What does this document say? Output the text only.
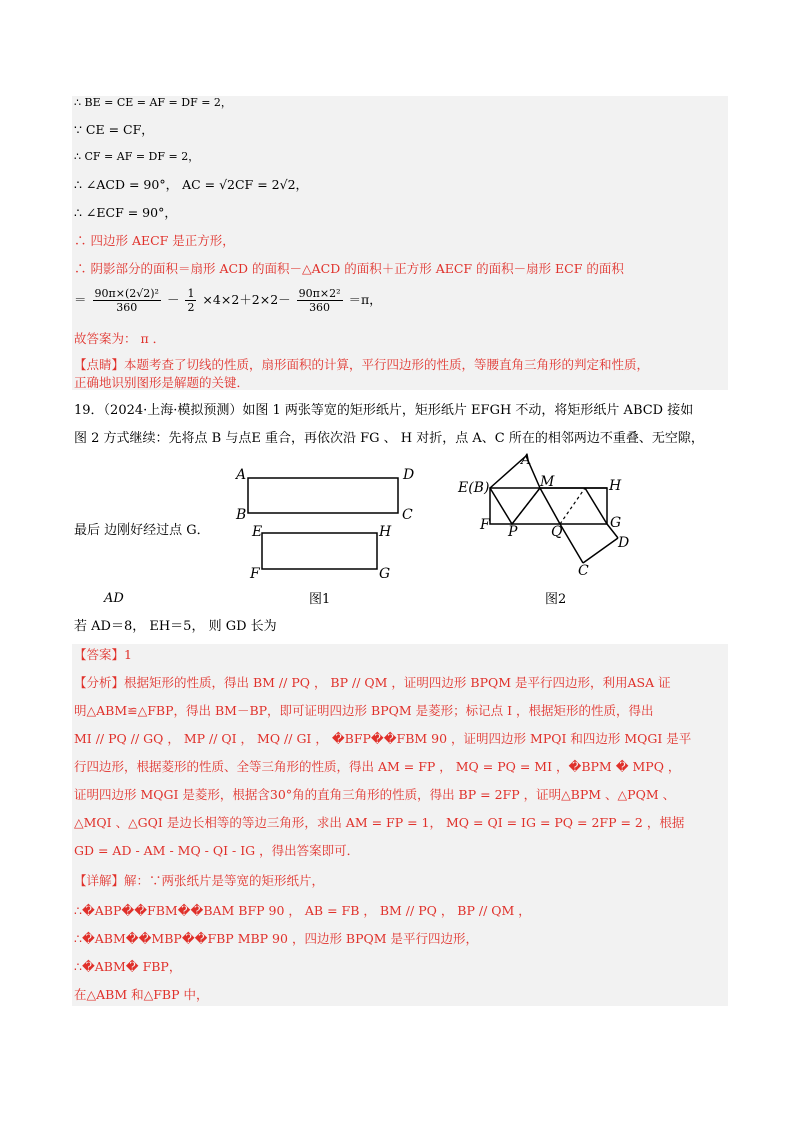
∴ BE = CE = AF = DF = 2，
∵ CE = CF，
∴ CF = AF = DF = 2，
∴ ∠ACD = 90°， AC = √2CF = 2√2，
∴ ∠ECF = 90°，
∴ 四边形 AECF 是正方形，
∴ 阴影部分的面积＝扇形 ACD 的面积－△ACD 的面积＋正方形 AECF 的面积－扇形 ECF 的面积
＝ $\frac{\text{90π×(2√2)²}}{360} - \frac{1}{2} \times 4\times 2+2\times 2- \frac{\text{90π×2²}}{360} =\pi$，
故答案为： π ．
【点睛】本题考查了切线的性质，扇形面积的计算，平行四边形的性质，等腰直角三角形的判定和性质，
正确地识别图形是解题的关键．
19．（2024·上海·模拟预测）如图 1 两张等宽的矩形纸片，矩形纸片 EFGH 不动，将矩形纸片 ABCD 接如
图 2 方式继续：先将点 B 与点E 重合，再依次沿 FG 、 H 对折，点 A、C 所在的相邻两边不重叠、无空隙，
最后 边刚好经过点 G．
AD
若 AD＝8， EH＝5， 则 GD 长为
A	D
B	C
E	H
F	G
图1
A
M	H
E(B)
F P Q
G
D
C
图2
【答案】1
【分析】根据矩形的性质，得出 BM // PQ ， BP // QM ，证明四边形 BPQM 是平行四边形，利用ASA 证
明△ABM≌△FBP，得出 BM－BP，即可证明四边形 BPQM 是菱形；标记点 I ，根据矩形的性质，得出
MI // PQ // GQ ， MP // QI ， MQ // GI ， �BFP��FBM 90 ，证明四边形 MPQI 和四边形 MQGI 是平
行四边形，根据菱形的性质、全等三角形的性质，得出 AM = FP ， MQ = PQ = MI ，�BPM � MPQ ，
证明四边形 MQGI 是菱形，根据含30°角的直角三角形的性质，得出 BP = 2FP ，证明△BPM 、△PQM 、
△MQI 、△GQI 是边长相等的等边三角形，求出 AM = FP = 1， MQ = QI = IG = PQ = 2FP = 2 ，根据
GD = AD - AM - MQ - QI - IG ，得出答案即可．
【详解】解：∵两张纸片是等宽的矩形纸片，
∴�ABP��FBM��BAM BFP 90 ， AB = FB ， BM // PQ ， BP // QM ，
∴�ABM��MBP��FBP MBP 90 ，四边形 BPQM 是平行四边形，
∴�ABM� FBP，
在△ABM 和△FBP 中，
